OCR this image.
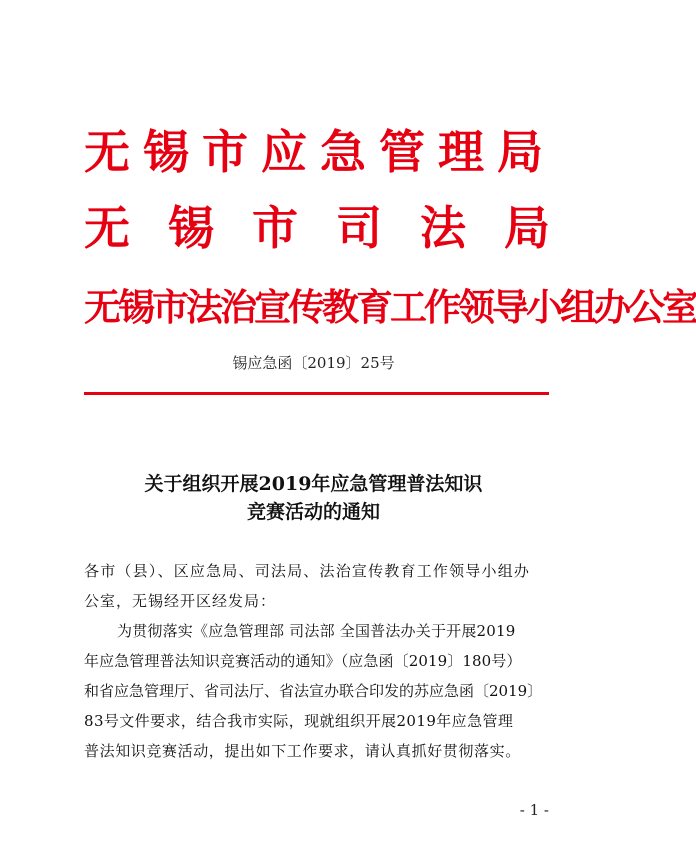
无锡市应急管理局
无锡市司法局
无锡市法治宣传教育工作领导小组办公室
锡应急函〔2019〕25号
关于组织开展2019年应急管理普法知识
竞赛活动的通知
各市（县）、区应急局、司法局、法治宣传教育工作领导小组办
公室，无锡经开区经发局：
为贯彻落实《应急管理部 司法部 全国普法办关于开展2019
年应急管理普法知识竞赛活动的通知》（应急函〔2019〕180号）
和省应急管理厅、省司法厅、省法宣办联合印发的苏应急函〔2019〕
83号文件要求，结合我市实际，现就组织开展2019年应急管理
普法知识竞赛活动，提出如下工作要求，请认真抓好贯彻落实。
- 1 -
